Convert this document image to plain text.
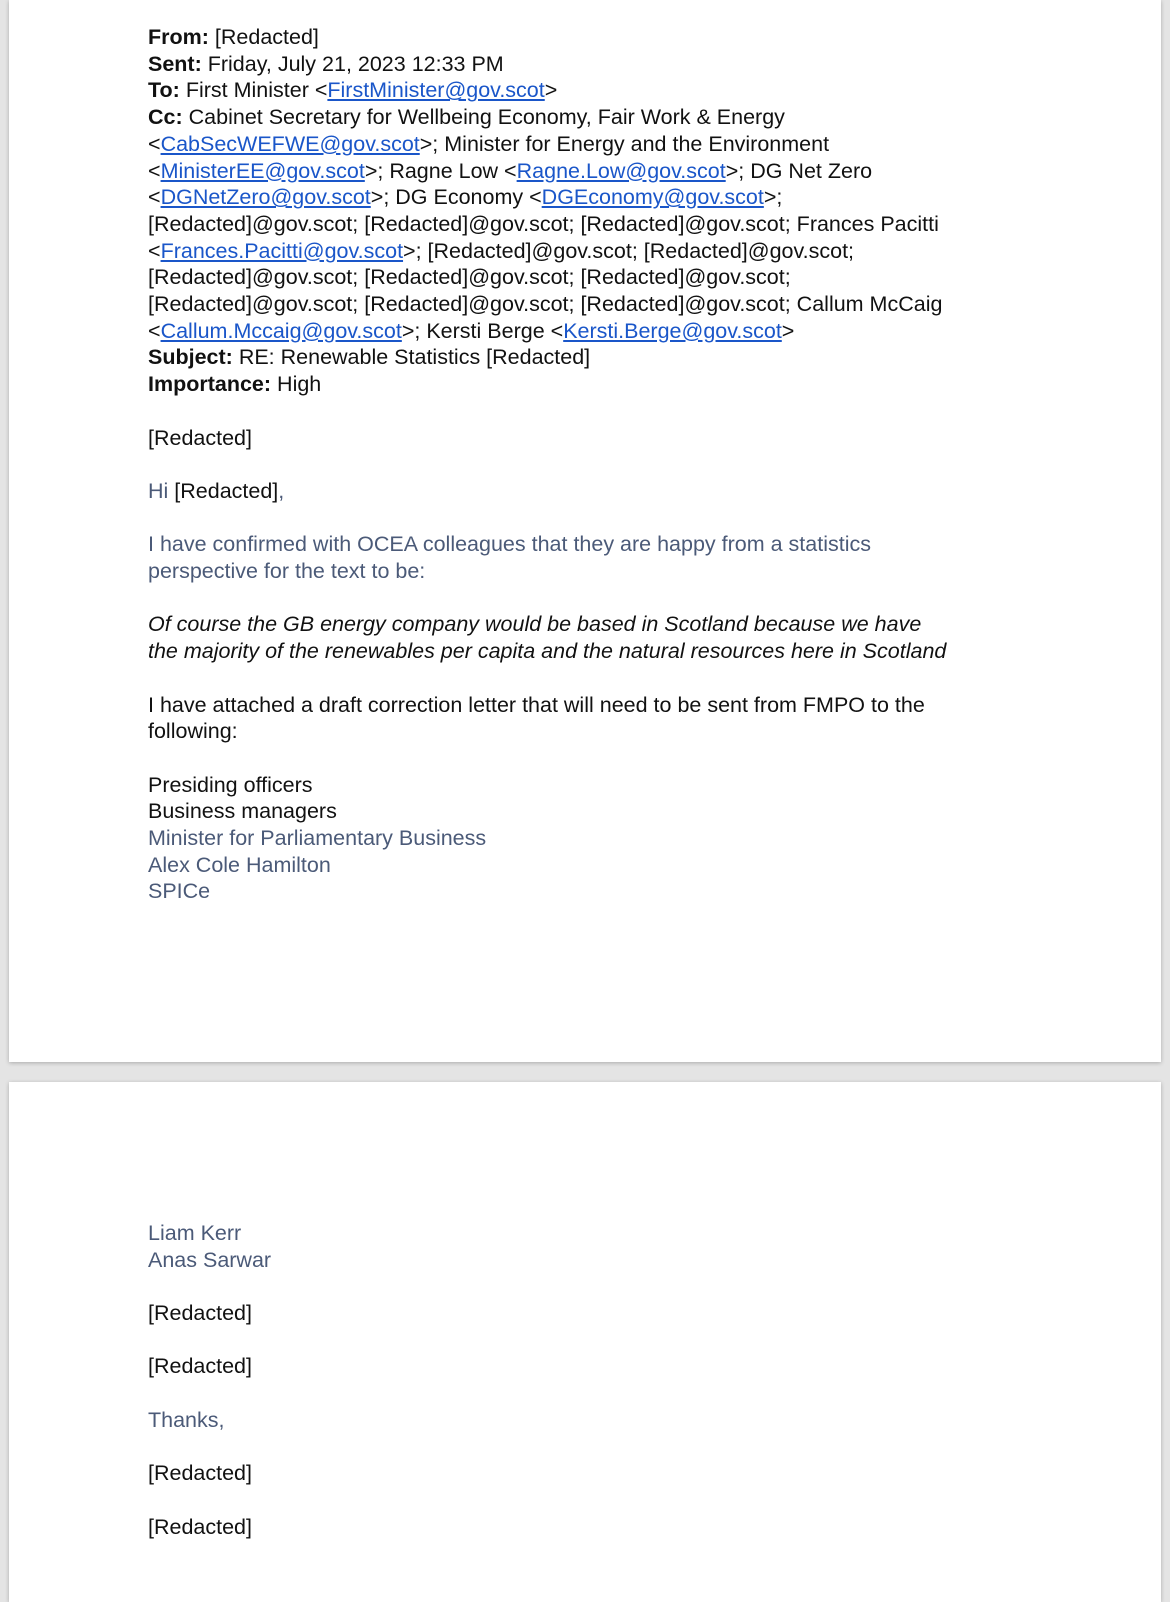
From: [Redacted]
Sent: Friday, July 21, 2023 12:33 PM
To: First Minister <FirstMinister@gov.scot>
Cc: Cabinet Secretary for Wellbeing Economy, Fair Work & Energy
<CabSecWEFWE@gov.scot>; Minister for Energy and the Environment
<MinisterEE@gov.scot>; Ragne Low <Ragne.Low@gov.scot>; DG Net Zero
<DGNetZero@gov.scot>; DG Economy <DGEconomy@gov.scot>;
[Redacted]@gov.scot; [Redacted]@gov.scot; [Redacted]@gov.scot; Frances Pacitti
<Frances.Pacitti@gov.scot>; [Redacted]@gov.scot; [Redacted]@gov.scot;
[Redacted]@gov.scot; [Redacted]@gov.scot; [Redacted]@gov.scot;
[Redacted]@gov.scot; [Redacted]@gov.scot; [Redacted]@gov.scot; Callum McCaig
<Callum.Mccaig@gov.scot>; Kersti Berge <Kersti.Berge@gov.scot>
Subject: RE: Renewable Statistics [Redacted]
Importance: High
[Redacted]
Hi [Redacted],
I have confirmed with OCEA colleagues that they are happy from a statistics
perspective for the text to be:
Of course the GB energy company would be based in Scotland because we have
the majority of the renewables per capita and the natural resources here in Scotland
I have attached a draft correction letter that will need to be sent from FMPO to the
following:
Presiding officers
Business managers
Minister for Parliamentary Business
Alex Cole Hamilton
SPICe
Liam Kerr
Anas Sarwar
[Redacted]
[Redacted]
Thanks,
[Redacted]
[Redacted]
